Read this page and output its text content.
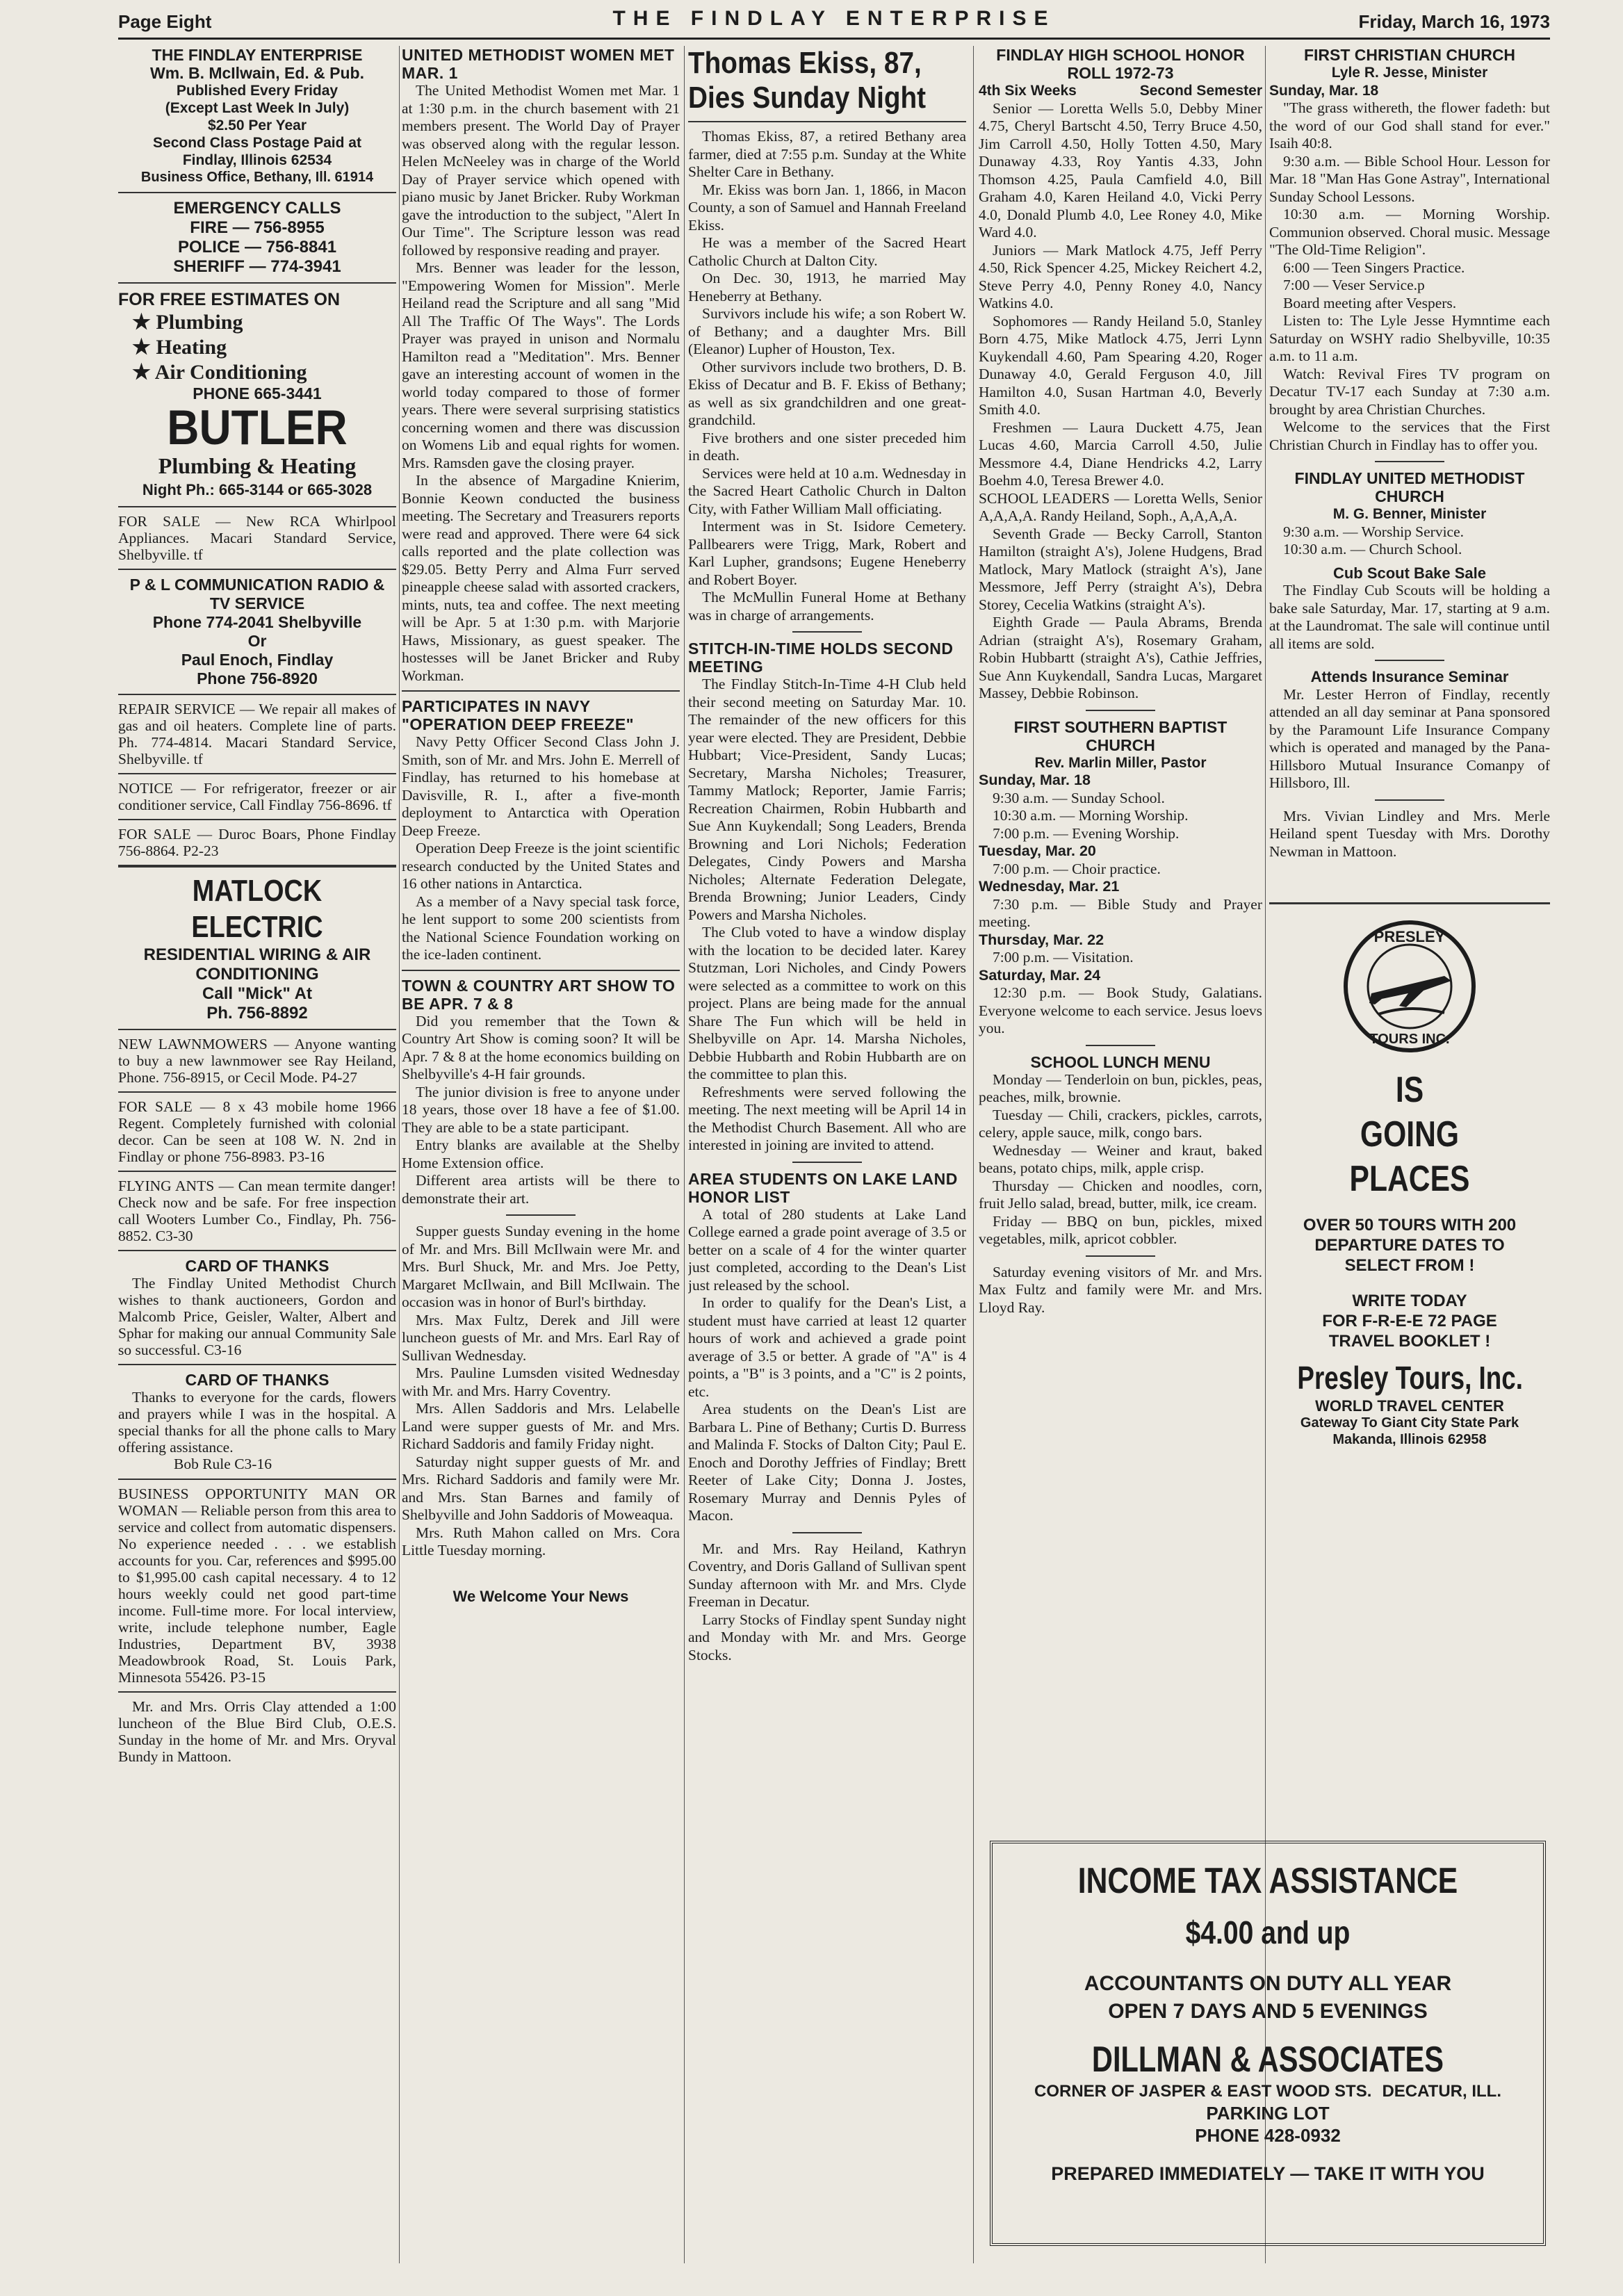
Page Eight	THE FINDLAY ENTERPRISE	Friday, March 16, 1973
THE FINDLAY ENTERPRISE
Wm. B. McIlwain, Ed. & Pub.
Published Every Friday
(Except Last Week In July)
$2.50 Per Year
Second Class Postage Paid at
Findlay, Illinois 62534
Business Office, Bethany, Ill. 61914
EMERGENCY CALLS
FIRE — 756-8955
POLICE — 756-8841
SHERIFF — 774-3941
FOR FREE ESTIMATES ON
★ Plumbing
★ Heating
★ Air Conditioning
PHONE 665-3441
BUTLER
Plumbing & Heating
Night Ph.: 665-3144 or 665-3028
FOR SALE — New RCA Whirlpool Appliances. Macari Standard Service, Shelbyville. tf
P & L COMMUNICATION RADIO & TV SERVICE
Phone 774-2041 Shelbyville
Or
Paul Enoch, Findlay
Phone 756-8920
REPAIR SERVICE — We repair all makes of gas and oil heaters. Complete line of parts. Ph. 774-4814. Macari Standard Service, Shelbyville. tf
NOTICE — For refrigerator, freezer or air conditioner service, Call Findlay 756-8696. tf
FOR SALE — Duroc Boars, Phone Findlay 756-8864. P2-23
MATLOCK ELECTRIC
RESIDENTIAL WIRING & AIR CONDITIONING
Call "Mick" At
Ph. 756-8892
NEW LAWNMOWERS — Anyone wanting to buy a new lawnmower see Ray Heiland, Phone. 756-8915, or Cecil Mode. P4-27
FOR SALE — 8 x 43 mobile home 1966 Regent. Completely furnished with colonial decor. Can be seen at 108 W. N. 2nd in Findlay or phone 756-8983. P3-16
FLYING ANTS — Can mean termite danger! Check now and be safe. For free inspection call Wooters Lumber Co., Findlay, Ph. 756-8852. C3-30
CARD OF THANKS

The Findlay United Methodist Church wishes to thank auctioneers, Gordon and Malcomb Price, Geisler, Walter, Albert and Sphar for making our annual Community Sale so successful. C3-16

CARD OF THANKS

Thanks to everyone for the cards, flowers and prayers while I was in the hospital. A special thanks for all the phone calls to Mary offering assistance.

Bob Rule C3-16
BUSINESS OPPORTUNITY MAN OR WOMAN — Reliable person from this area to service and collect from automatic dispensers. No experience needed . . . we establish accounts for you. Car, references and $995.00 to $1,995.00 cash capital necessary. 4 to 12 hours weekly could net good part-time income. Full-time more. For local interview, write, include telephone number, Eagle Industries, Department BV, 3938 Meadowbrook Road, St. Louis Park, Minnesota 55426. P3-15

Mr. and Mrs. Orris Clay attended a 1:00 luncheon of the Blue Bird Club, O.E.S. Sunday in the home of Mr. and Mrs. Oryval Bundy in Mattoon.

UNITED METHODIST WOMEN MET MAR. 1

The United Methodist Women met Mar. 1 at 1:30 p.m. in the church basement with 21 members present. The World Day of Prayer was observed along with the regular lesson. Helen McNeeley was in charge of the World Day of Prayer service which opened with piano music by Janet Bricker. Ruby Workman gave the introduction to the subject, "Alert In Our Time". The Scripture lesson was read followed by responsive reading and prayer.

Mrs. Benner was leader for the lesson, "Empowering Women for Mission". Merle Heiland read the Scripture and all sang "Mid All The Traffic Of The Ways". The Lords Prayer was prayed in unison and Normalu Hamilton read a "Meditation". Mrs. Benner gave an interesting account of women in the world today compared to those of former years. There were several surprising statistics concerning women and there was discussion on Womens Lib and equal rights for women. Mrs. Ramsden gave the closing prayer.

In the absence of Margadine Knierim, Bonnie Keown conducted the business meeting. The Secretary and Treasurers reports were read and approved. There were 64 sick calls reported and the plate collection was $29.05. Betty Perry and Alma Furr served pineapple cheese salad with assorted crackers, mints, nuts, tea and coffee. The next meeting will be Apr. 5 at 1:30 p.m. with Marjorie Haws, Missionary, as guest speaker. The hostesses will be Janet Bricker and Ruby Workman.

PARTICIPATES IN NAVY "OPERATION DEEP FREEZE"

Navy Petty Officer Second Class John J. Smith, son of Mr. and Mrs. John E. Merrell of Findlay, has returned to his homebase at Davisville, R. I., after a five-month deployment to Antarctica with Operation Deep Freeze.

Operation Deep Freeze is the joint scientific research conducted by the United States and 16 other nations in Antarctica.

As a member of a Navy special task force, he lent support to some 200 scientists from the National Science Foundation working on the ice-laden continent.

TOWN & COUNTRY ART SHOW TO BE APR. 7 & 8

Did you remember that the Town & Country Art Show is coming soon? It will be Apr. 7 & 8 at the home economics building on Shelbyville's 4-H fair grounds.

The junior division is free to anyone under 18 years, those over 18 have a fee of $1.00. They are able to be a state participant.

Entry blanks are available at the Shelby Home Extension office.

Different area artists will be there to demonstrate their art.

Supper guests Sunday evening in the home of Mr. and Mrs. Bill McIlwain were Mr. and Mrs. Burl Shuck, Mr. and Mrs. Joe Petty, Margaret McIlwain, and Bill McIlwain. The occasion was in honor of Burl's birthday.

Mrs. Max Fultz, Derek and Jill were luncheon guests of Mr. and Mrs. Earl Ray of Sullivan Wednesday.

Mrs. Pauline Lumsden visited Wednesday with Mr. and Mrs. Harry Coventry.

Mrs. Allen Saddoris and Mrs. Lelabelle Land were supper guests of Mr. and Mrs. Richard Saddoris and family Friday night.

Saturday night supper guests of Mr. and Mrs. Richard Saddoris and family were Mr. and Mrs. Stan Barnes and family of Shelbyville and John Saddoris of Moweaqua.

Mrs. Ruth Mahon called on Mrs. Cora Little Tuesday morning.

We Welcome Your News
Thomas Ekiss, 87, Dies Sunday Night

Thomas Ekiss, 87, a retired Bethany area farmer, died at 7:55 p.m. Sunday at the White Shelter Care in Bethany.

Mr. Ekiss was born Jan. 1, 1866, in Macon County, a son of Samuel and Hannah Freeland Ekiss.

He was a member of the Sacred Heart Catholic Church at Dalton City.

On Dec. 30, 1913, he married May Heneberry at Bethany.

Survivors include his wife; a son Robert W. of Bethany; and a daughter Mrs. Bill (Eleanor) Lupher of Houston, Tex.

Other survivors include two brothers, D. B. Ekiss of Decatur and B. F. Ekiss of Bethany; as well as six grandchildren and one great-grandchild.

Five brothers and one sister preceded him in death.

Services were held at 10 a.m. Wednesday in the Sacred Heart Catholic Church in Dalton City, with Father William Mall officiating.

Interment was in St. Isidore Cemetery. Pallbearers were Trigg, Mark, Robert and Karl Lupher, grandsons; Eugene Heneberry and Robert Boyer.

The McMullin Funeral Home at Bethany was in charge of arrangements.

STITCH-IN-TIME HOLDS SECOND MEETING

The Findlay Stitch-In-Time 4-H Club held their second meeting on Saturday Mar. 10. The remainder of the new officers for this year were elected. They are President, Debbie Hubbart; Vice-President, Sandy Lucas; Secretary, Marsha Nicholes; Treasurer, Tammy Matlock; Reporter, Jamie Farris; Recreation Chairmen, Robin Hubbarth and Sue Ann Kuykendall; Song Leaders, Brenda Browning and Lori Nichols; Federation Delegates, Cindy Powers and Marsha Nicholes; Alternate Federation Delegate, Brenda Browning; Junior Leaders, Cindy Powers and Marsha Nicholes.

The Club voted to have a window display with the location to be decided later. Karey Stutzman, Lori Nicholes, and Cindy Powers were selected as a committee to work on this project. Plans are being made for the annual Share The Fun which will be held in Shelbyville on Apr. 14. Marsha Nicholes, Debbie Hubbarth and Robin Hubbarth are on the committee to plan this.

Refreshments were served following the meeting. The next meeting will be April 14 in the Methodist Church Basement. All who are interested in joining are invited to attend.

AREA STUDENTS ON LAKE LAND HONOR LIST

A total of 280 students at Lake Land College earned a grade point average of 3.5 or better on a scale of 4 for the winter quarter just completed, according to the Dean's List just released by the school.

In order to qualify for the Dean's List, a student must have carried at least 12 quarter hours of work and achieved a grade point average of 3.5 or better. A grade of "A" is 4 points, a "B" is 3 points, and a "C" is 2 points, etc.

Area students on the Dean's List are Barbara L. Pine of Bethany; Curtis D. Burress and Malinda F. Stocks of Dalton City; Paul E. Enoch and Dorothy Jeffries of Findlay; Brett Reeter of Lake City; Donna J. Jostes, Rosemary Murray and Dennis Pyles of Macon.

Mr. and Mrs. Ray Heiland, Kathryn Coventry, and Doris Galland of Sullivan spent Sunday afternoon with Mr. and Mrs. Clyde Freeman in Decatur.

Larry Stocks of Findlay spent Sunday night and Monday with Mr. and Mrs. George Stocks.

FINDLAY HIGH SCHOOL HONOR ROLL 1972-73
4th Six Weeks	Second Semester

Senior — Loretta Wells 5.0, Debby Miner 4.75, Cheryl Bartscht 4.50, Terry Bruce 4.50, Jim Carroll 4.50, Holly Totten 4.50, Mary Dunaway 4.33, Roy Yantis 4.33, John Thomson 4.25, Paula Camfield 4.0, Bill Graham 4.0, Karen Heiland 4.0, Vicki Perry 4.0, Donald Plumb 4.0, Lee Roney 4.0, Mike Ward 4.0.

Juniors — Mark Matlock 4.75, Jeff Perry 4.50, Rick Spencer 4.25, Mickey Reichert 4.2, Steve Perry 4.0, Penny Roney 4.0, Nancy Watkins 4.0.

Sophomores — Randy Heiland 5.0, Stanley Born 4.75, Mike Matlock 4.75, Jerri Lynn Kuykendall 4.60, Pam Spearing 4.20, Roger Dunaway 4.0, Gerald Ferguson 4.0, Jill Hamilton 4.0, Susan Hartman 4.0, Beverly Smith 4.0.

Freshmen — Laura Duckett 4.75, Jean Lucas 4.60, Marcia Carroll 4.50, Julie Messmore 4.4, Diane Hendricks 4.2, Larry Boehm 4.0, Teresa Brewer 4.0.

SCHOOL LEADERS — Loretta Wells, Senior A,A,A,A. Randy Heiland, Soph., A,A,A,A.

Seventh Grade — Becky Carroll, Stanton Hamilton (straight A's), Jolene Hudgens, Brad Matlock, Mary Matlock (straight A's), Jane Messmore, Jeff Perry (straight A's), Debra Storey, Cecelia Watkins (straight A's).

Eighth Grade — Paula Abrams, Brenda Adrian (straight A's), Rosemary Graham, Robin Hubbartt (straight A's), Cathie Jeffries, Sue Ann Kuykendall, Sandra Lucas, Margaret Massey, Debbie Robinson.

FIRST SOUTHERN BAPTIST CHURCH
Rev. Marlin Miller, Pastor
Sunday, Mar. 18

9:30 a.m. — Sunday School.

10:30 a.m. — Morning Worship.

7:00 p.m. — Evening Worship.

Tuesday, Mar. 20

7:00 p.m. — Choir practice.

Wednesday, Mar. 21

7:30 p.m. — Bible Study and Prayer meeting.

Thursday, Mar. 22

7:00 p.m. — Visitation.

Saturday, Mar. 24

12:30 p.m. — Book Study, Galatians. Everyone welcome to each service. Jesus loevs you.

SCHOOL LUNCH MENU

Monday — Tenderloin on bun, pickles, peas, peaches, milk, brownie.

Tuesday — Chili, crackers, pickles, carrots, celery, apple sauce, milk, congo bars.

Wednesday — Weiner and kraut, baked beans, potato chips, milk, apple crisp.

Thursday — Chicken and noodles, corn, fruit Jello salad, bread, butter, milk, ice cream.

Friday — BBQ on bun, pickles, mixed vegetables, milk, apricot cobbler.

Saturday evening visitors of Mr. and Mrs. Max Fultz and family were Mr. and Mrs. Lloyd Ray.

FIRST CHRISTIAN CHURCH
Lyle R. Jesse, Minister
Sunday, Mar. 18

"The grass withereth, the flower fadeth: but the word of our God shall stand for ever." Isaih 40:8.

9:30 a.m. — Bible School Hour. Lesson for Mar. 18 "Man Has Gone Astray", International Sunday School Lessons.

10:30 a.m. — Morning Worship. Communion observed. Choral music. Message "The Old-Time Religion".

6:00 — Teen Singers Practice.

7:00 — Veser Service.p

Board meeting after Vespers.

Listen to: The Lyle Jesse Hymntime each Saturday on WSHY radio Shelbyville, 10:35 a.m. to 11 a.m.

Watch: Revival Fires TV program on Decatur TV-17 each Sunday at 7:30 a.m. brought by area Christian Churches.

Welcome to the services that the First Christian Church in Findlay has to offer you.

FINDLAY UNITED METHODIST CHURCH
M. G. Benner, Minister

9:30 a.m. — Worship Service.

10:30 a.m. — Church School.

Cub Scout Bake Sale

The Findlay Cub Scouts will be holding a bake sale Saturday, Mar. 17, starting at 9 a.m. at the Laundromat. The sale will continue until all items are sold.

Attends Insurance Seminar

Mr. Lester Herron of Findlay, recently attended an all day seminar at Pana sponsored by the Paramount Life Insurance Company which is operated and managed by the Pana-Hillsboro Mutual Insurance Comanpy of Hillsboro, Ill.

Mrs. Vivian Lindley and Mrs. Merle Heiland spent Tuesday with Mrs. Dorothy Newman in Mattoon.

PRESLEY
TOURS INC.
IS
GOING
PLACES
OVER 50 TOURS WITH 200
DEPARTURE DATES TO
SELECT FROM !
WRITE TODAY
FOR F-R-E-E 72 PAGE
TRAVEL BOOKLET !
Presley Tours, Inc.
WORLD TRAVEL CENTER
Gateway To Giant City State Park
Makanda, Illinois 62958
INCOME TAX ASSISTANCE
$4.00 and up
ACCOUNTANTS ON DUTY ALL YEAR
OPEN 7 DAYS AND 5 EVENINGS
DILLMAN & ASSOCIATES
CORNER OF JASPER & EAST WOOD STS. DECATUR, ILL.
PARKING LOT
PHONE 428-0932
PREPARED IMMEDIATELY — TAKE IT WITH YOU
